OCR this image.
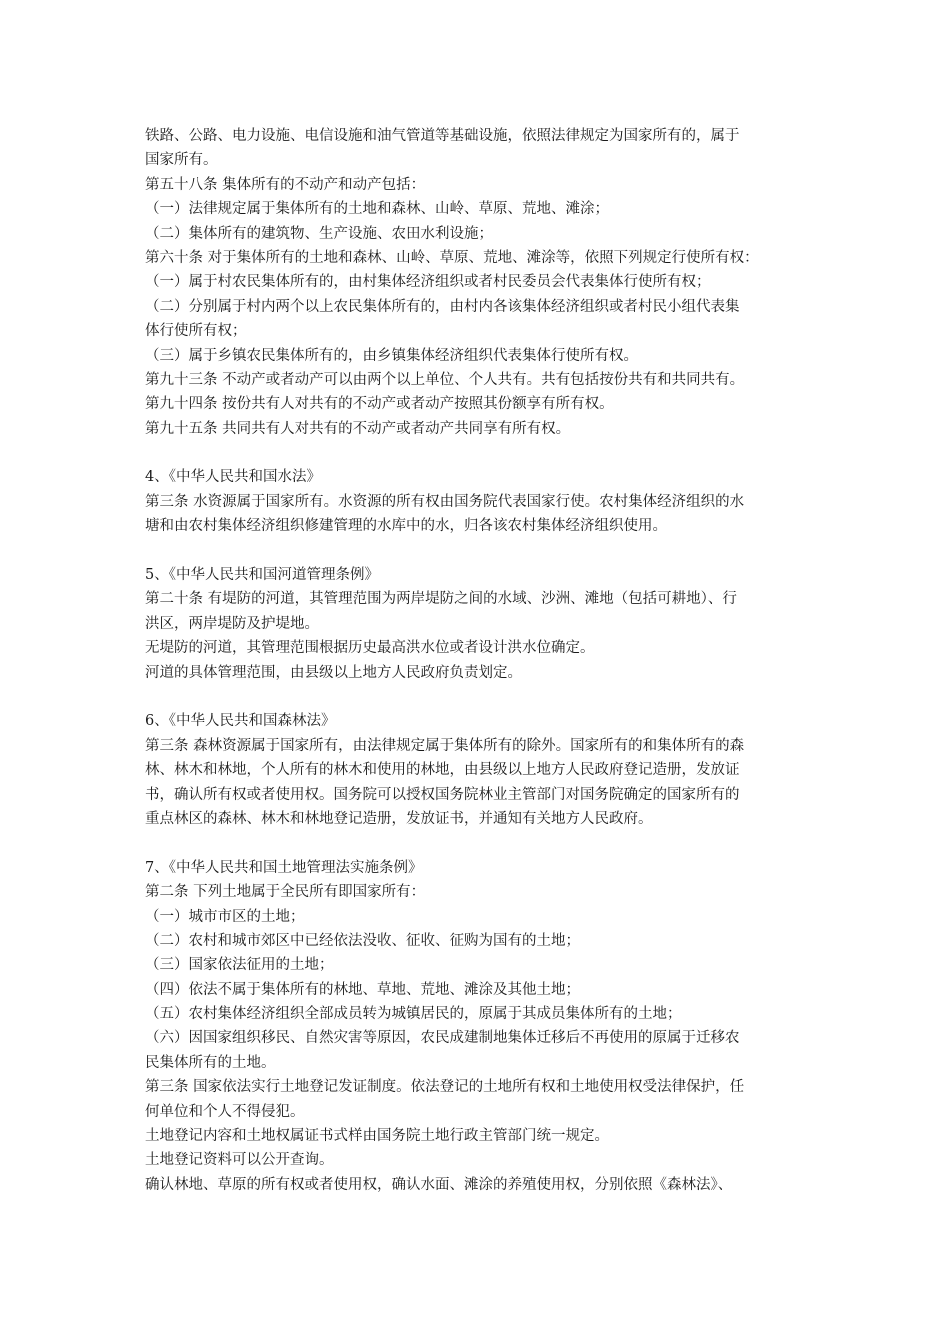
铁路、公路、电力设施、电信设施和油气管道等基础设施，依照法律规定为国家所有的，属于
国家所有。
第五十八条 集体所有的不动产和动产包括：
（一）法律规定属于集体所有的土地和森林、山岭、草原、荒地、滩涂；
（二）集体所有的建筑物、生产设施、农田水利设施；
第六十条 对于集体所有的土地和森林、山岭、草原、荒地、滩涂等，依照下列规定行使所有权：
（一）属于村农民集体所有的，由村集体经济组织或者村民委员会代表集体行使所有权；
（二）分别属于村内两个以上农民集体所有的，由村内各该集体经济组织或者村民小组代表集
体行使所有权；
（三）属于乡镇农民集体所有的，由乡镇集体经济组织代表集体行使所有权。
第九十三条 不动产或者动产可以由两个以上单位、个人共有。共有包括按份共有和共同共有。
第九十四条 按份共有人对共有的不动产或者动产按照其份额享有所有权。
第九十五条 共同共有人对共有的不动产或者动产共同享有所有权。
4、《中华人民共和国水法》
第三条 水资源属于国家所有。水资源的所有权由国务院代表国家行使。农村集体经济组织的水
塘和由农村集体经济组织修建管理的水库中的水，归各该农村集体经济组织使用。
5、《中华人民共和国河道管理条例》
第二十条 有堤防的河道，其管理范围为两岸堤防之间的水域、沙洲、滩地（包括可耕地）、行
洪区，两岸堤防及护堤地。
无堤防的河道，其管理范围根据历史最高洪水位或者设计洪水位确定。
河道的具体管理范围，由县级以上地方人民政府负责划定。
6、《中华人民共和国森林法》
第三条 森林资源属于国家所有，由法律规定属于集体所有的除外。国家所有的和集体所有的森
林、林木和林地，个人所有的林木和使用的林地，由县级以上地方人民政府登记造册，发放证
书，确认所有权或者使用权。国务院可以授权国务院林业主管部门对国务院确定的国家所有的
重点林区的森林、林木和林地登记造册，发放证书，并通知有关地方人民政府。
7、《中华人民共和国土地管理法实施条例》
第二条 下列土地属于全民所有即国家所有：
（一）城市市区的土地；
（二）农村和城市郊区中已经依法没收、征收、征购为国有的土地；
（三）国家依法征用的土地；
（四）依法不属于集体所有的林地、草地、荒地、滩涂及其他土地；
（五）农村集体经济组织全部成员转为城镇居民的，原属于其成员集体所有的土地；
（六）因国家组织移民、自然灾害等原因，农民成建制地集体迁移后不再使用的原属于迁移农
民集体所有的土地。
第三条 国家依法实行土地登记发证制度。依法登记的土地所有权和土地使用权受法律保护，任
何单位和个人不得侵犯。
土地登记内容和土地权属证书式样由国务院土地行政主管部门统一规定。
土地登记资料可以公开查询。
确认林地、草原的所有权或者使用权，确认水面、滩涂的养殖使用权，分别依照《森林法》、
